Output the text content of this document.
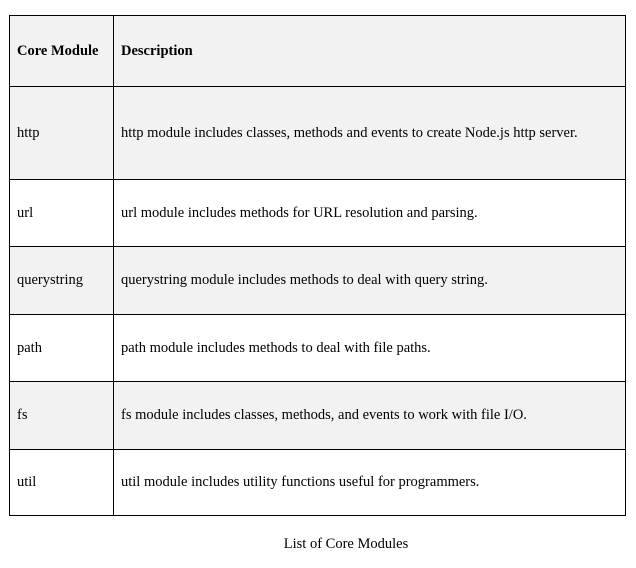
Core Module	Description
http	http module includes classes, methods and events to create Node.js http server.
url	url module includes methods for URL resolution and parsing.
querystring	querystring module includes methods to deal with query string.
path	path module includes methods to deal with file paths.
fs	fs module includes classes, methods, and events to work with file I/O.
util	util module includes utility functions useful for programmers.
List of Core Modules
